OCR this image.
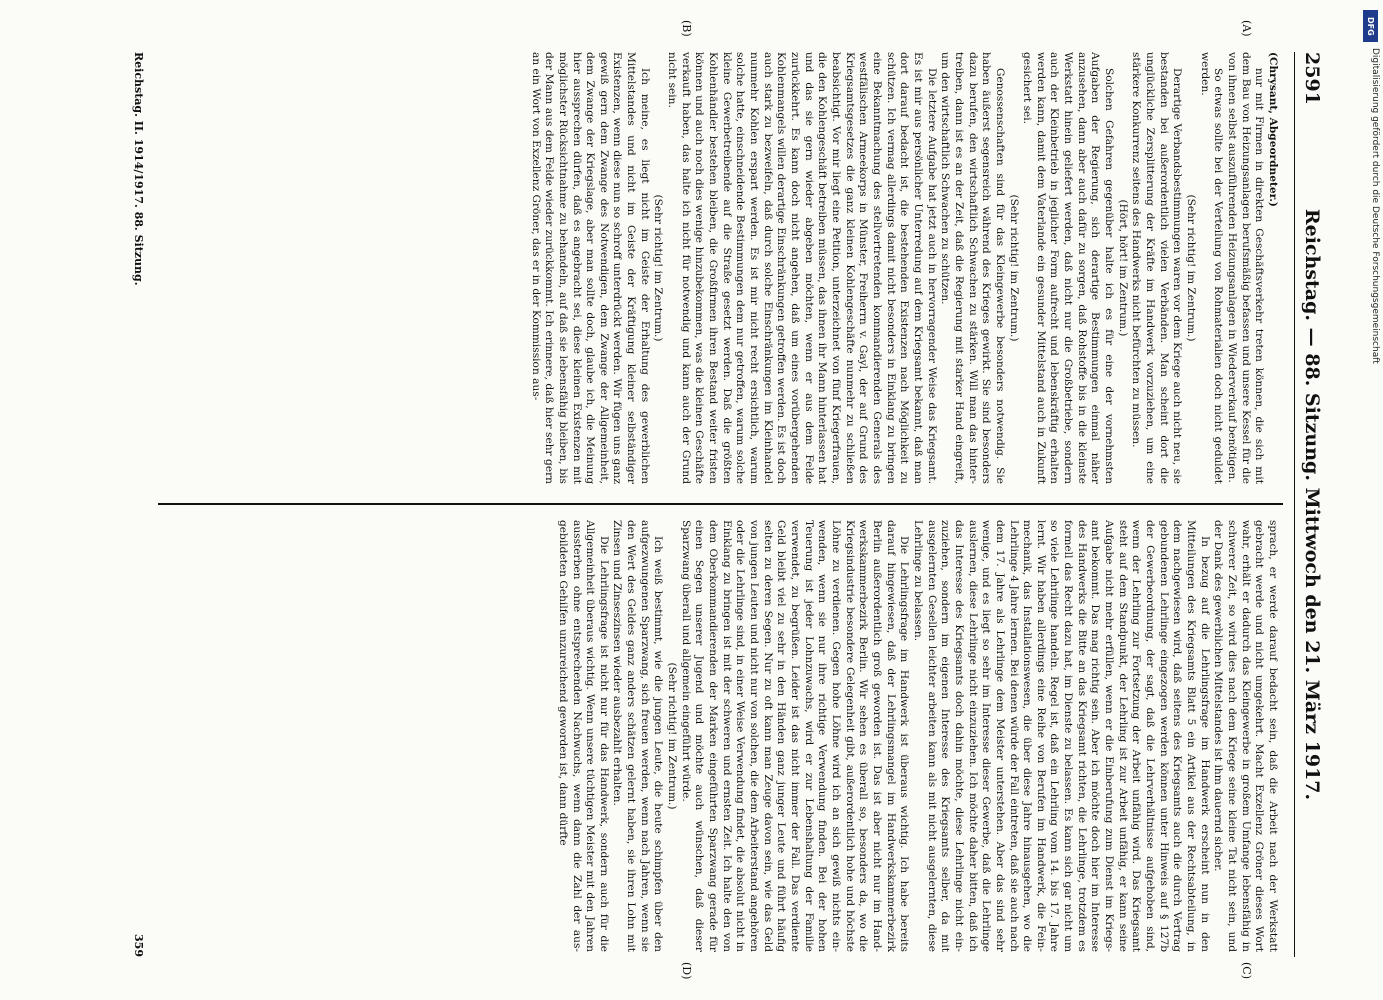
2591
Reichstag. — 88. Sitzung. Mittwoch den 21. März 1917.
(A)
(B)
(C)
(D)

(Chrysant, Abgeordneter.)

nur mit Firmen in direkten Geschäftsverkehr treten können, die sich mit dem Bau von Heizungsanlagen berufsmäßig befassen und unsere Kessel für die von ihnen selbst auszuführenden Heizungsanlagen in Wiederverkauf benötigen.

So etwas sollte bei der Verteilung von Rohmaterialien doch nicht geduldet werden.

(Sehr richtig! im Zentrum.)

Derartige Verbandsbestimmungen waren vor dem Kriege auch nicht neu, sie bestanden bei außerordentlich vielen Verbänden. Man scheint dort die unglückliche Zersplitterung der Kräfte im Handwerk vorzuziehen, um eine stärkere Konkurrenz seitens des Handwerks nicht befürchten zu müssen.

(Hört, hört! im Zentrum.)

Solchen Gefahren gegenüber halte ich es für eine der vornehmsten Aufgaben der Regierung, sich derartige Bestimmungen einmal näher anzusehen, dann aber auch dafür zu sorgen, daß Rohstoffe bis in die kleinste Werkstatt hinein geliefert werden, daß nicht nur die Großbetriebe, sondern auch der Kleinbetrieb in jeglicher Form aufrecht und lebenskräftig erhalten werden kann, damit dem Vaterlande ein gesunder Mittelstand auch in Zukunft gesichert sei.

(Sehr richtig! im Zentrum.)

Genossenschaften sind für das Kleingewerbe besonders notwendig. Sie haben äußerst segensreich während des Krieges gewirkt. Sie sind besonders dazu berufen, den wirtschaftlich Schwachen zu stärken. Will man das hintertreiben, dann ist es an der Zeit, daß die Regierung mit starker Hand eingreift, um den wirtschaftlich Schwachen zu schützen.

Die letztere Aufgabe hat jetzt auch in hervorragender Weise das Kriegsamt. Es ist mir aus persönlicher Unterredung auf dem Kriegsamt bekannt, daß man dort darauf bedacht ist, die bestehenden Existenzen nach Möglichkeit zu schützen. Ich vermag allerdings damit nicht besonders in Einklang zu bringen eine Bekanntmachung des stellvertretenden kommandierenden Generals des westfälischen Armeekorps in Münster, Freiherrn v. Gayl, der auf Grund des Kriegsamtsgesetzes die ganz kleinen Kohlengeschäfte nunmehr zu schließen beabsichtigt. Vor mir liegt eine Petition, unterzeichnet von fünf Kriegerfrauen, die den Kohlengeschäft betreiben müssen, das ihnen ihr Mann hinterlassen hat und das sie gern wieder abgeben möchten, wenn er aus dem Felde zurückkehrt. Es kann doch nicht angehen, daß um eines vorübergehenden Kohlenmangels willen derartige Einschränkungen getroffen werden. Es ist doch auch stark zu bezweifeln, daß durch solche Einschränkungen im Kleinhandel nunmehr Kohlen erspart werden. Es ist mir nicht recht ersichtlich, warum solche hatte, einschneidende Bestimmungen dem nur getroffen, warum solche kleine Gewerbetreibende auf die Straße gesetzt werden. Daß die größten Kohlenhändler bestehen bleiben, die Großfirmen ihren Bestand weiter fristen können und auch noch dies wenige hinzubekommen, was die kleinen Geschäfte verkauft haben, das halte ich nicht für notwendig und kann auch der Grund nicht sein.

(Sehr richtig! im Zentrum.)

Ich meine, es liegt nicht im Geiste der Erhaltung des gewerblichen Mittelstandes und nicht im Geiste der Kräftigung kleiner selbständiger Existenzen, wenn diese nun so schroff unterdrückt werden. Wir fügen uns ganz gewiß gern dem Zwange des Notwendigen, dem Zwange der Allgemeinheit, dem Zwange der Kriegslage, aber man sollte doch, glaube ich, die Meinung hier aussprechen dürfen, daß es angebracht sei, diese kleinen Existenzen mit möglichster Rücksichtnahme zu behandeln, auf daß sie lebensfähig bleiben, bis der Mann aus dem Felde wieder zurückkommt. Ich erinnere, daß hier sehr gern an ein Wort von Exzellenz Gröner, das er in der Kommission aus-

sprach, er werde darauf bedacht sein, daß die Arbeit nach der Werkstatt gebracht werde und nicht umgekehrt. Macht Exzellenz Gröner dieses Wort wahr, erhält er dadurch das Kleingewerbe in großem Umfange lebensfähig in schwerer Zeit, so wird dies nach dem Kriege seine kleine Tat nicht sein, und der Dank des gewerblichen Mittelstandes ist ihm dauernd sicher.

In bezug auf die Lehrlingsfrage im Handwerk erscheint nun in den Mitteilungen des Kriegsamts Blatt 5 ein Artikel aus der Rechtsabteilung, in dem nachgewiesen wird, daß seitens des Kriegsamts auch die durch Vertrag gebundenen Lehrlinge eingezogen werden können unter Hinweis auf § 127b der Gewerbeordnung, der sagt, daß die Lehrverhältnisse aufgehoben sind, wenn der Lehrling zur Fortsetzung der Arbeit unfähig wird. Das Kriegsamt steht auf dem Standpunkt, der Lehrling ist zur Arbeit unfähig, er kann seine Aufgabe nicht mehr erfüllen, wenn er die Einberufung zum Dienst im Kriegsamt bekommt. Das mag richtig sein. Aber ich möchte doch hier im Interesse des Handwerks die Bitte an das Kriegsamt richten, die Lehrlinge, trotzdem es formell das Recht dazu hat, im Dienste zu belassen. Es kann sich gar nicht um so viele Lehrlinge handeln. Regel ist, daß ein Lehrling vom 14. bis 17. Jahre lernt. Wir haben allerdings eine Reihe von Berufen im Handwerk, die Feinmechanik, das Installationswesen, die über diese Jahre hinausgehen, wo die Lehrlinge 4 Jahre lernen. Bei denen würde der Fall eintreten, daß sie auch nach dem 17. Jahre als Lehrlinge dem Meister unterstehen. Aber das sind sehr wenige, und es liegt so sehr im Interesse dieser Gewerbe, daß die Lehrlinge auslernen, diese Lehrlinge nicht einzuziehen. Ich möchte daher bitten, daß ich das Interesse des Kriegsamts doch dahin möchte, diese Lehrlinge nicht einzuziehen, sondern im eigenen Interesse des Kriegsamts selber, da mit ausgelernten Gesellen leichter arbeiten kann als mit nicht ausgelernten, diese Lehrlinge zu belassen.

Die Lehrlingsfrage im Handwerk ist überaus wichtig. Ich habe bereits darauf hingewiesen, daß der Lehrlingsmangel im Handwerkskammerbezirk Berlin außerordentlich groß geworden ist. Das ist aber nicht nur im Handwerkskammerbezirk Berlin. Wir sehen es überall so, besonders da, wo die Kriegsindustrie besondere Gelegenheit gibt, außerordentlich hohe und höchste Löhne zu verdienen. Gegen hohe Löhne wird ich an sich gewiß nichts einwenden, wenn sie nur ihre richtige Verwendung finden. Bei der hohen Teuerung ist jeder Lohnzuwachs, wird er zur Lebenshaltung der Familie verwendet, zu begrüßen. Leider ist das nicht immer der Fall. Das verdiente Geld bleibt viel zu sehr in den Händen ganz junger Leute und führt häufig selten zu deren Segen. Nur zu oft kann man Zeuge davon sein, wie das Geld von jungen Leuten und nicht nur von solchen, die dem Arbeiterstand angehören oder die Lehrlinge sind, in einer Weise Verwendung findet, die absolut nicht in Einklang zu bringen ist mit der schweren und ernsten Zeit. Ich halte den von dem Oberkommandierenden der Marken eingeführten Sparzwang gerade für einen Segen unserer Jugend und möchte auch wünschen, daß dieser Sparzwang überall und allgemein eingeführt würde.

(Sehr richtig! im Zentrum.)

Ich weiß bestimmt, wie die jungen Leute, die heute schimpfen über den aufgezwungenen Sparzwang, sich freuen werden, wenn nach Jahren, wenn sie den Wert des Geldes ganz anders schätzen gelernt haben, sie ihren Lohn mit Zinsen und Zinseszinsen wieder ausbezahlt erhalten.

Die Lehrlingsfrage ist nicht nur für das Handwerk, sondern auch für die Allgemeinheit überaus wichtig. Wenn unsere tüchtigen Meister mit den Jahren aussterben ohne entsprechenden Nachwuchs, wenn dann die Zahl der ausgebildeten Gehilfen unzureichend geworden ist, dann dürfte

Reichstag. II. 1914/1917. 88. Sitzung.
359
DFG
Digitalisierung gefördert durch die Deutsche Forschungsgemeinschaft
